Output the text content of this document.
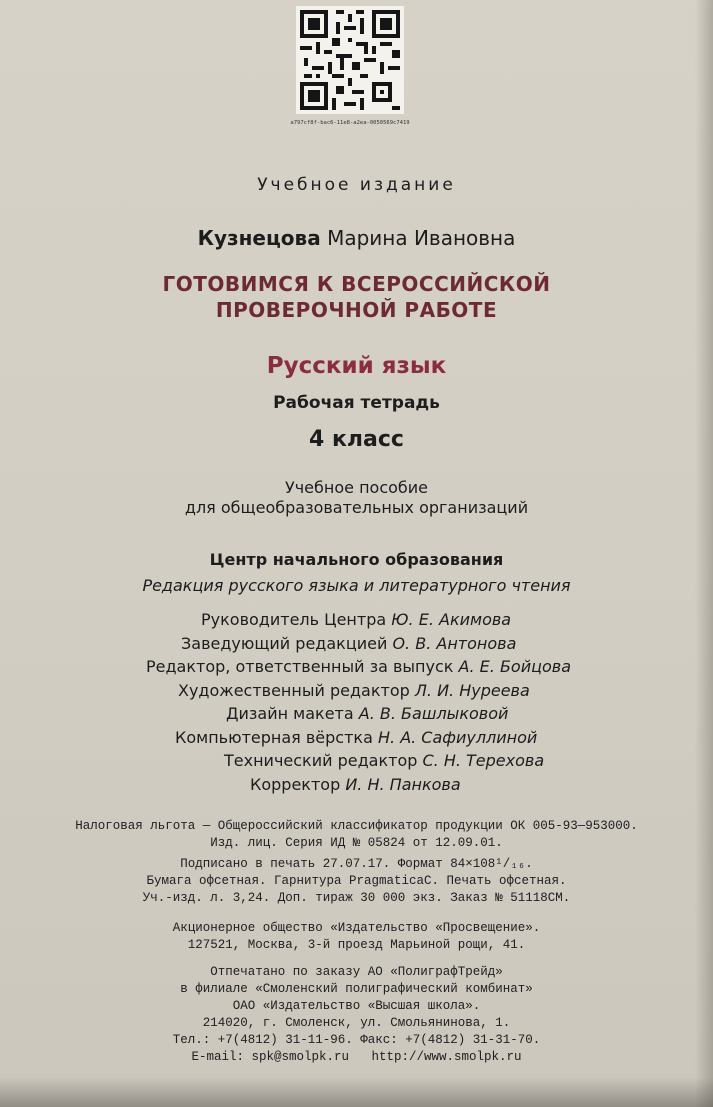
a797cf8f-bac6-11e8-a2ea-0050569c7419
Учебное издание
Кузнецова Марина Ивановна
ГОТОВИМСЯ К ВСЕРОССИЙСКОЙ
ПРОВЕРОЧНОЙ РАБОТЕ
Русский язык
Рабочая тетрадь
4 класс
Учебное пособие
для общеобразовательных организаций
Центр начального образования
Редакция русского языка и литературного чтения
Руководитель Центра Ю. Е. Акимова
Заведующий редакцией О. В. Антонова
Редактор, ответственный за выпуск А. Е. Бойцова
Художественный редактор Л. И. Нуреева
Дизайн макета А. В. Башлыковой
Компьютерная вёрстка Н. А. Сафиуллиной
Технический редактор С. Н. Терехова
Корректор И. Н. Панкова
Налоговая льгота — Общероссийский классификатор продукции ОК 005-93—953000.
Изд. лиц. Серия ИД № 05824 от 12.09.01.
Подписано в печать 27.07.17. Формат 84×108¹/₁₆.
Бумага офсетная. Гарнитура PragmaticaC. Печать офсетная.
Уч.-изд. л. 3,24. Доп. тираж 30 000 экз. Заказ № 51118СМ.
Акционерное общество «Издательство «Просвещение».
127521, Москва, 3-й проезд Марьиной рощи, 41.
Отпечатано по заказу АО «ПолиграфТрейд»
в филиале «Смоленский полиграфический комбинат»
ОАО «Издательство «Высшая школа».
214020, г. Смоленск, ул. Смольянинова, 1.
Тел.: +7(4812) 31-11-96. Факс: +7(4812) 31-31-70.
E-mail: spk@smolpk.ru   http://www.smolpk.ru
